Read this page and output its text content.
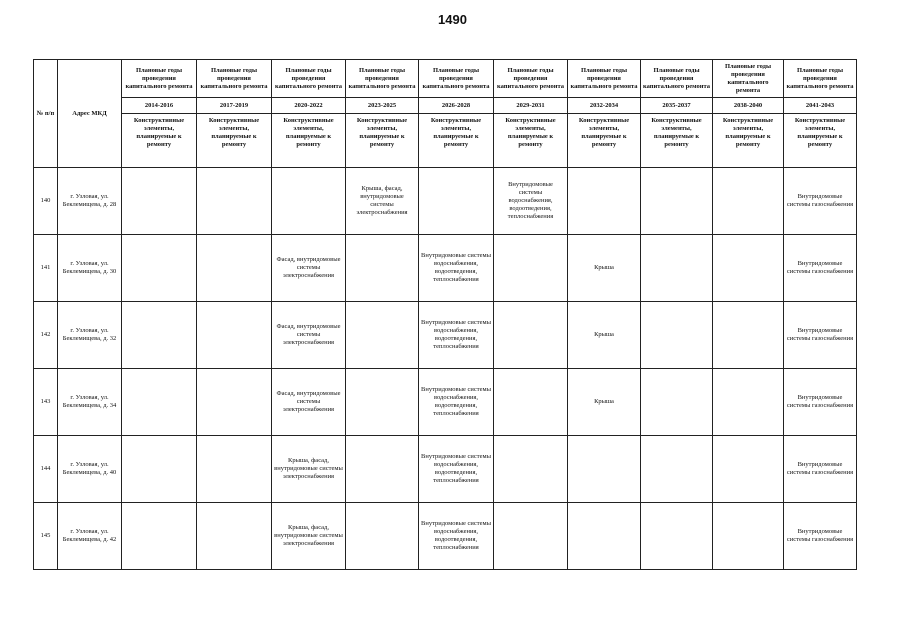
1490
№ п/п	Адрес МКД	Плановые годы проведения капитального ремонта	Плановые годы проведения капитального ремонта	Плановые годы проведения капитального ремонта	Плановые годы проведения капитального ремонта	Плановые годы проведения капитального ремонта	Плановые годы проведения капитального ремонта	Плановые годы проведения капитального ремонта	Плановые годы проведения капитального ремонта	Плановые годы проведения капитального ремонта	Плановые годы проведения капитального ремонта
		2014-2016	2017-2019	2020-2022	2023-2025	2026-2028	2029-2031	2032-2034	2035-2037	2038-2040	2041-2043
		Конструктивные элементы, планируемые к ремонту	Конструктивные элементы, планируемые к ремонту	Конструктивные элементы, планируемые к ремонту	Конструктивные элементы, планируемые к ремонту	Конструктивные элементы, планируемые к ремонту	Конструктивные элементы, планируемые к ремонту	Конструктивные элементы, планируемые к ремонту	Конструктивные элементы, планируемые к ремонту	Конструктивные элементы, планируемые к ремонту	Конструктивные элементы, планируемые к ремонту
140	г. Узловая, ул. Беклемищева, д. 28				Крыша, фасад, внутридомовые системы электроснабжения		Внутридомовые системы водоснабжения, водоотведения, теплоснабжения				Внутридомовые системы газоснабжения
141	г. Узловая, ул. Беклемищева, д. 30			Фасад, внутридомовые системы электроснабжения		Внутридомовые системы водоснабжения, водоотведения, теплоснабжения		Крыша			Внутридомовые системы газоснабжения
142	г. Узловая, ул. Беклемищева, д. 32			Фасад, внутридомовые системы электроснабжения		Внутридомовые системы водоснабжения, водоотведения, теплоснабжения		Крыша			Внутридомовые системы газоснабжения
143	г. Узловая, ул. Беклемищева, д. 34			Фасад, внутридомовые системы электроснабжения		Внутридомовые системы водоснабжения, водоотведения, теплоснабжения		Крыша			Внутридомовые системы газоснабжения
144	г. Узловая, ул. Беклемищева, д. 40			Крыша, фасад, внутридомовые системы электроснабжения		Внутридомовые системы водоснабжения, водоотведения, теплоснабжения					Внутридомовые системы газоснабжения
145	г. Узловая, ул. Беклемищева, д. 42			Крыша, фасад, внутридомовые системы электроснабжения		Внутридомовые системы водоснабжения, водоотведения, теплоснабжения					Внутридомовые системы газоснабжения
